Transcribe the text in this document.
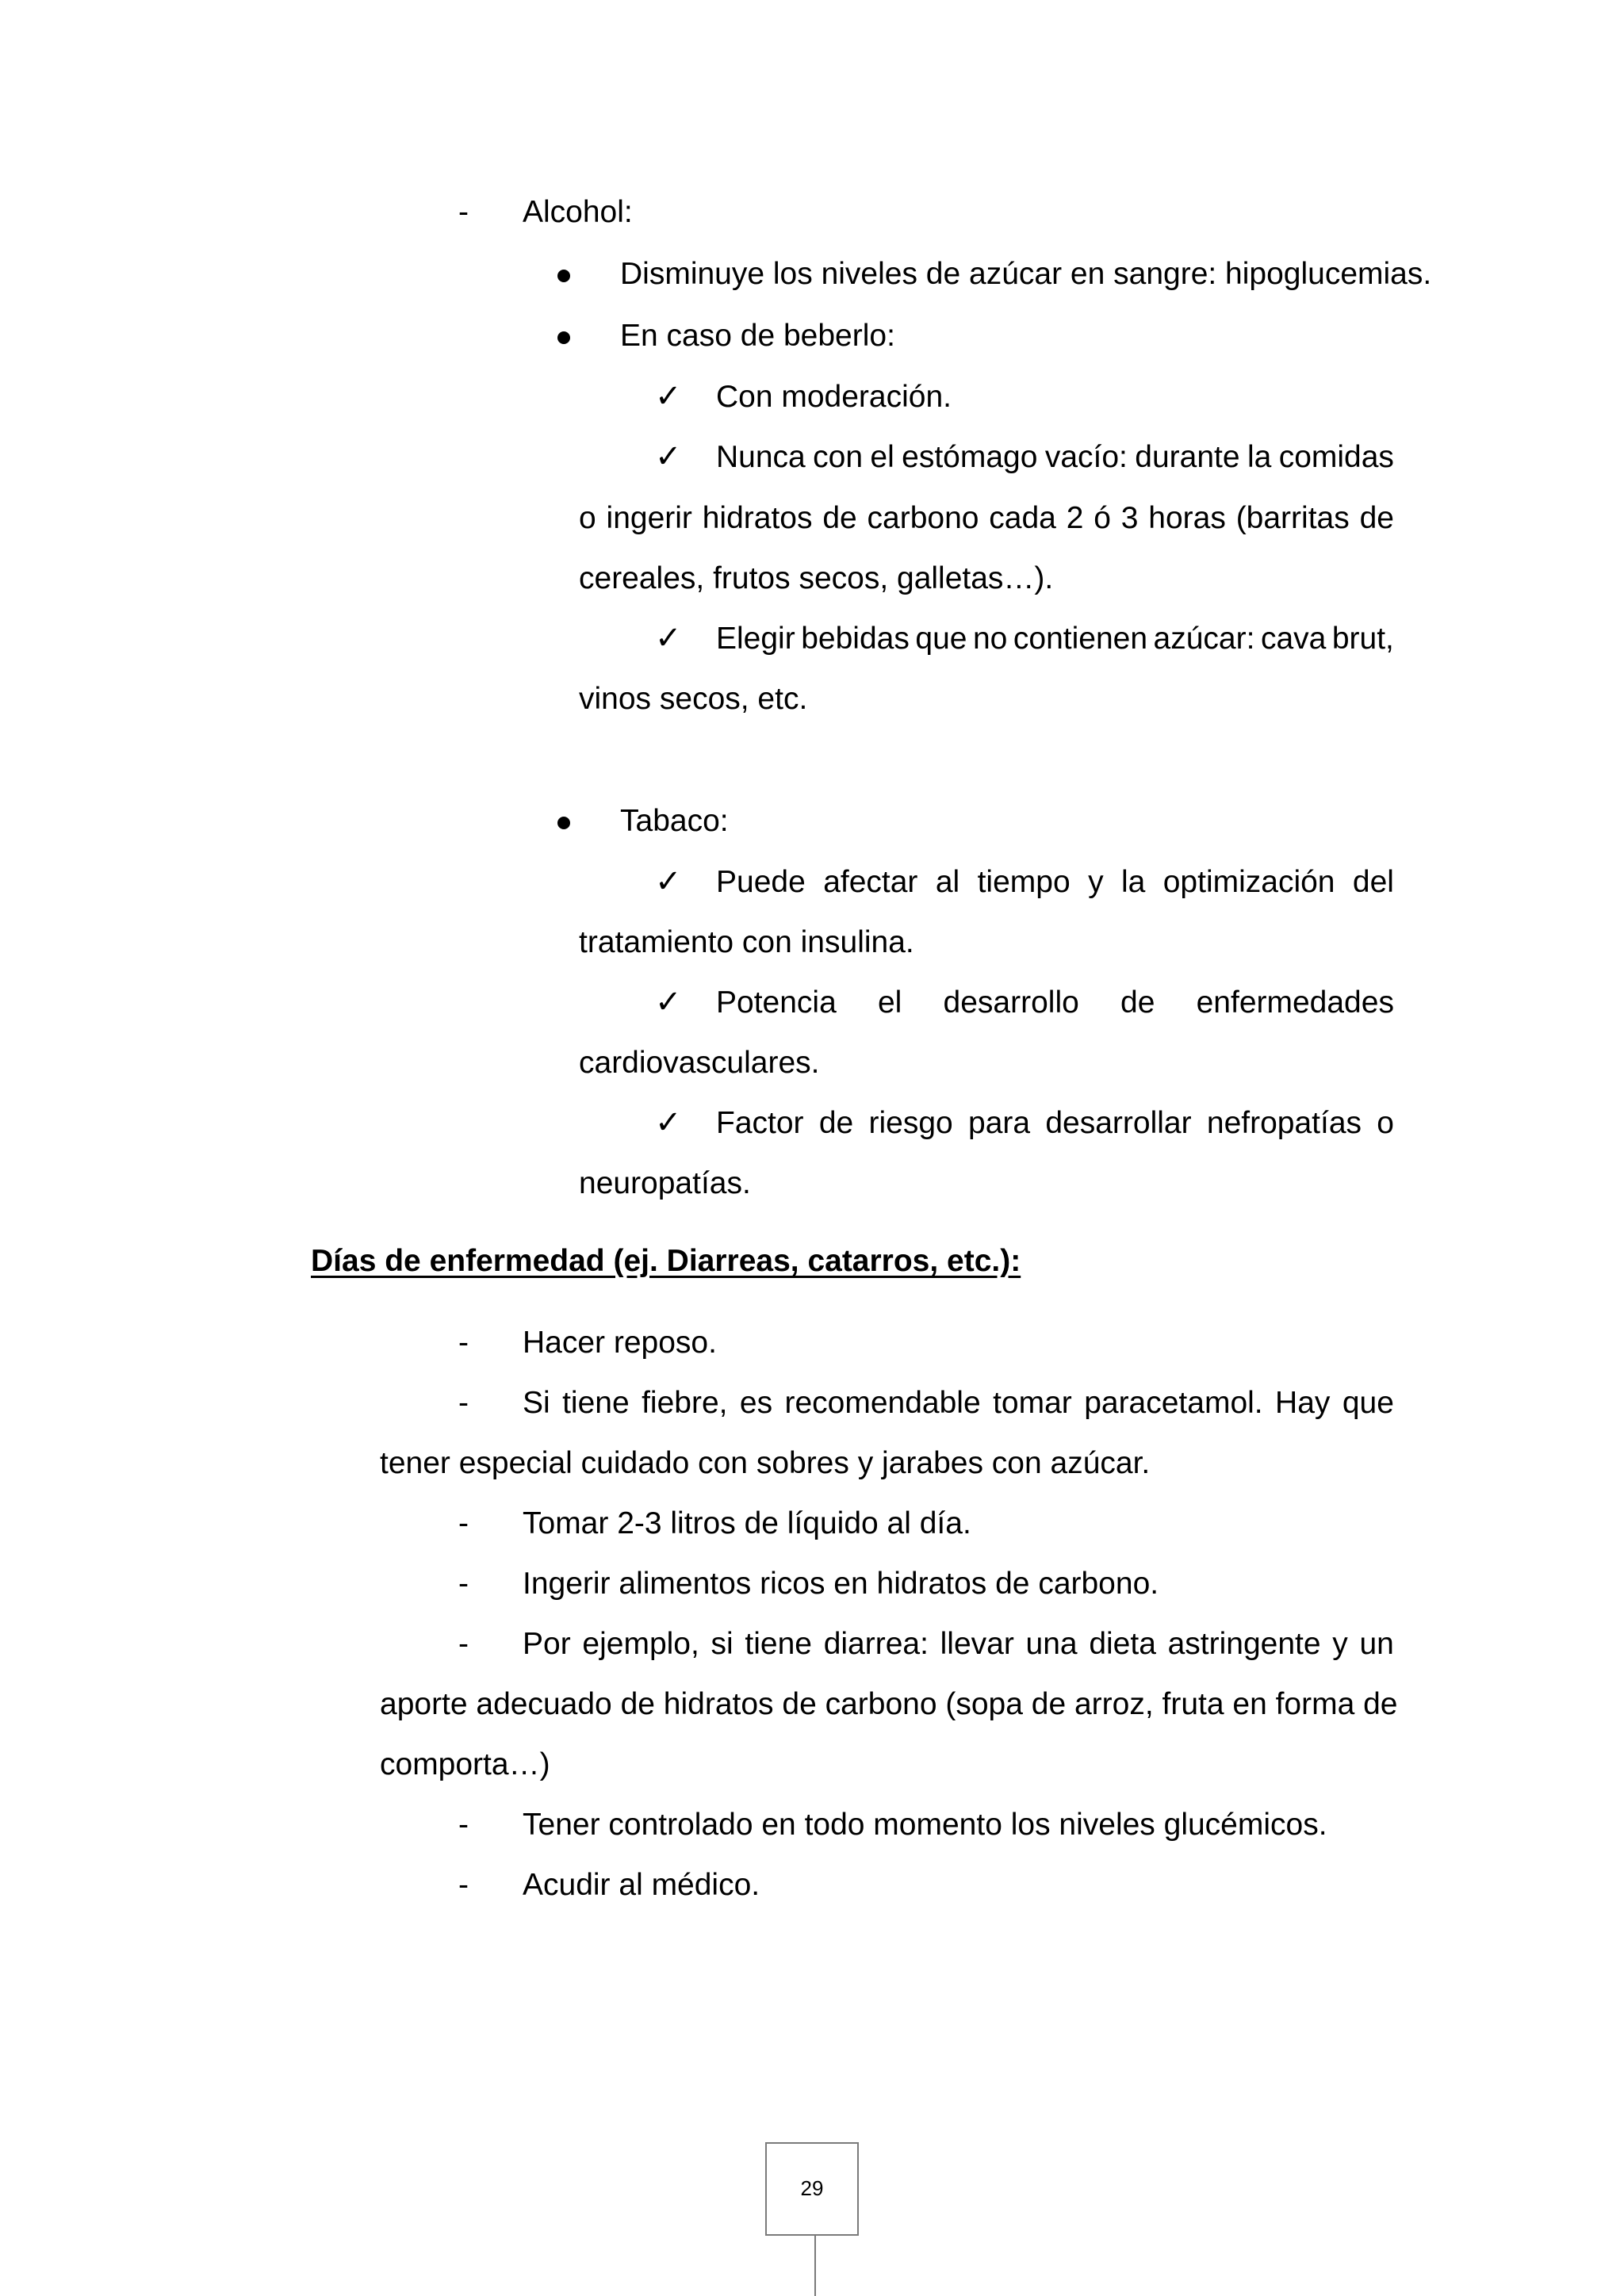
- Alcohol:

Disminuye los niveles de azúcar en sangre: hipoglucemias.

En caso de beberlo:

✓ Con moderación.

✓ Nunca con el estómago vacío: durante la comidas

o ingerir hidratos de carbono cada 2 ó 3 horas (barritas de

cereales, frutos secos, galletas…).

✓ Elegir bebidas que no contienen azúcar: cava brut,

vinos secos, etc.

Tabaco:

✓ Puede afectar al tiempo y la optimización del

tratamiento con insulina.

✓ Potencia el desarrollo de enfermedades

cardiovasculares.

✓ Factor de riesgo para desarrollar nefropatías o

neuropatías.

Días de enfermedad (ej. Diarreas, catarros, etc.):

- Hacer reposo.

- Si tiene fiebre, es recomendable tomar paracetamol. Hay que

tener especial cuidado con sobres y jarabes con azúcar.

- Tomar 2-3 litros de líquido al día.

- Ingerir alimentos ricos en hidratos de carbono.

- Por ejemplo, si tiene diarrea: llevar una dieta astringente y un

aporte adecuado de hidratos de carbono (sopa de arroz, fruta en forma de

comporta…)

- Tener controlado en todo momento los niveles glucémicos.

- Acudir al médico.

29
